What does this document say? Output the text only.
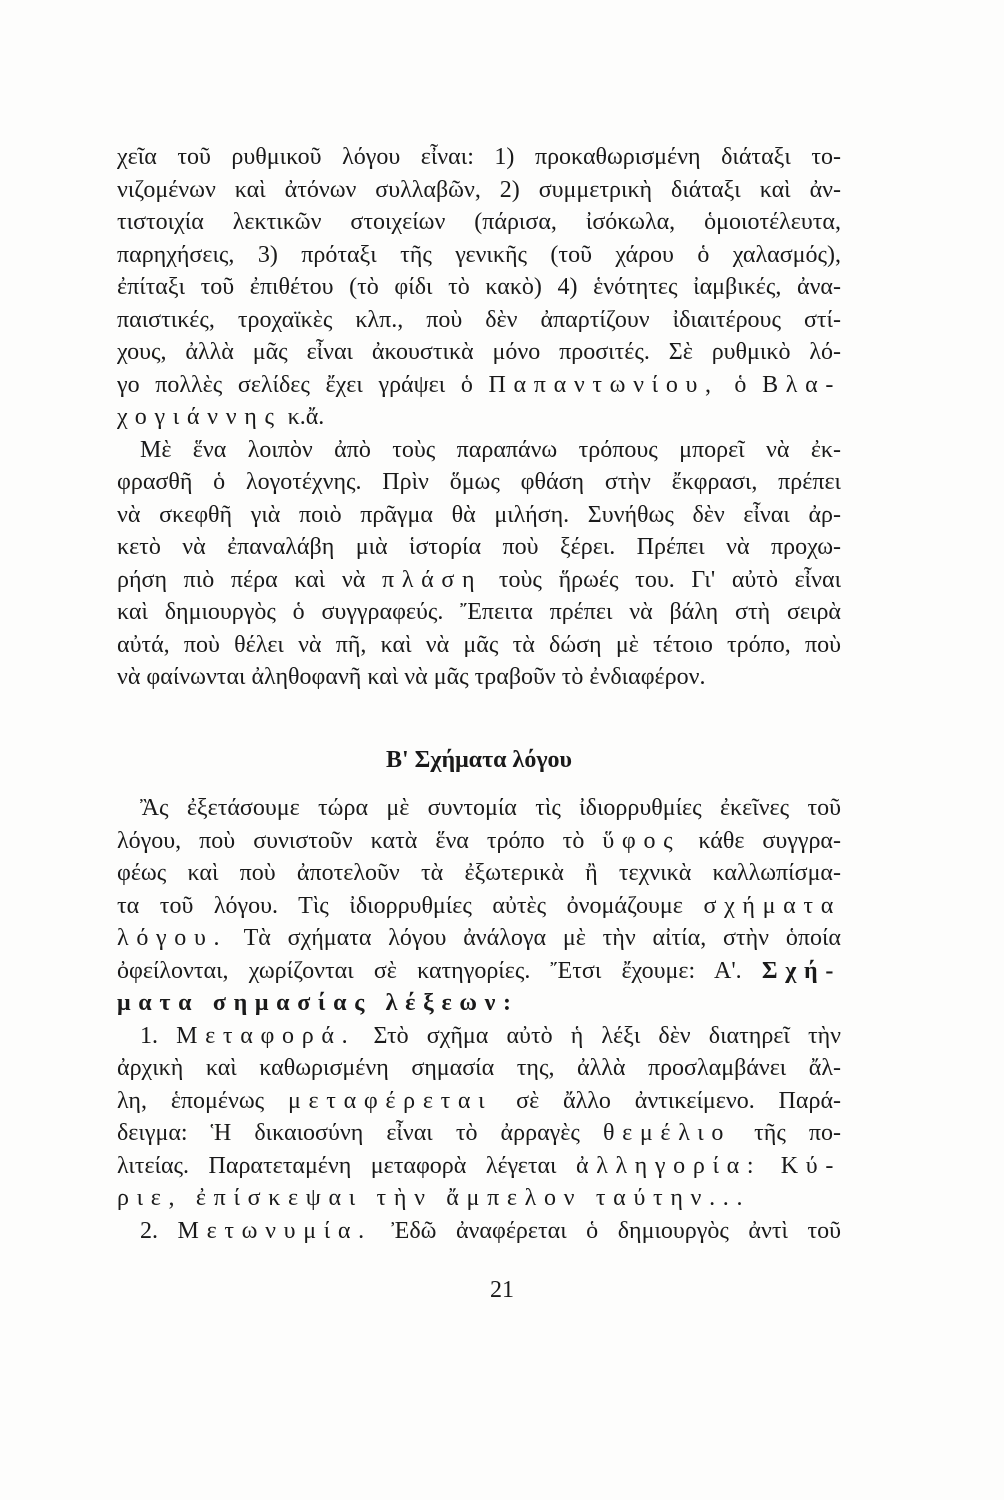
χεῖα τοῦ ρυθμικοῦ λόγου εἶναι: 1) προκαθωρισμένη διάταξι το-
νιζομένων καὶ ἀτόνων συλλαβῶν, 2) συμμετρικὴ διάταξι καὶ ἀν-
τιστοιχία λεκτικῶν στοιχείων (πάρισα, ἰσόκωλα, ὁμοιοτέλευτα,
παρηχήσεις, 3) πρόταξι τῆς γενικῆς (τοῦ χάρου ὁ χαλασμός),
ἐπίταξι τοῦ ἐπιθέτου (τὸ φίδι τὸ κακὸ) 4) ἑνότητες ἰαμβικές, ἀνα-
παιστικές, τροχαϊκὲς κλπ., ποὺ δὲν ἀπαρτίζουν ἰδιαιτέρους στί-
χους, ἀλλὰ μᾶς εἶναι ἀκουστικὰ μόνο προσιτές. Σὲ ρυθμικὸ λό-
γο πολλὲς σελίδες ἔχει γράψει ὁ Παπαντωνίου, ὁ Βλα-
χογιάννης κ.ἄ.
Μὲ ἕνα λοιπὸν ἀπὸ τοὺς παραπάνω τρόπους μπορεῖ νὰ ἐκ-
φρασθῆ ὁ λογοτέχνης. Πρὶν ὅμως φθάση στὴν ἔκφρασι, πρέπει
νὰ σκεφθῆ γιὰ ποιὸ πρᾶγμα θὰ μιλήση. Συνήθως δὲν εἶναι ἀρ-
κετὸ νὰ ἐπαναλάβη μιὰ ἱστορία ποὺ ξέρει. Πρέπει νὰ προχω-
ρήση πιὸ πέρα καὶ νὰ πλάση τοὺς ἥρωές του. Γι' αὐτὸ εἶναι
καὶ δημιουργὸς ὁ συγγραφεύς. Ἔπειτα πρέπει νὰ βάλη στὴ σειρὰ
αὐτά, ποὺ θέλει νὰ πῆ, καὶ νὰ μᾶς τὰ δώση μὲ τέτοιο τρόπο, ποὺ
νὰ φαίνωνται ἀληθοφανῆ καὶ νὰ μᾶς τραβοῦν τὸ ἐνδιαφέρον.
Β' Σχήματα λόγου
Ἂς ἐξετάσουμε τώρα μὲ συντομία τὶς ἰδιορρυθμίες ἐκεῖνες τοῦ
λόγου, ποὺ συνιστοῦν κατὰ ἕνα τρόπο τὸ ὕφος κάθε συγγρα-
φέως καὶ ποὺ ἀποτελοῦν τὰ ἐξωτερικὰ ἢ τεχνικὰ καλλωπίσμα-
τα τοῦ λόγου. Τὶς ἰδιορρυθμίες αὐτὲς ὀνομάζουμε σχήματα
λόγου. Τὰ σχήματα λόγου ἀνάλογα μὲ τὴν αἰτία, στὴν ὁποία
ὀφείλονται, χωρίζονται σὲ κατηγορίες. Ἔτσι ἔχουμε: Α'. Σχή-
ματα σημασίας λέξεων:
1. Μεταφορά. Στὸ σχῆμα αὐτὸ ἡ λέξι δὲν διατηρεῖ τὴν
ἀρχικὴ καὶ καθωρισμένη σημασία της, ἀλλὰ προσλαμβάνει ἄλ-
λη, ἑπομένως μεταφέρεται σὲ ἄλλο ἀντικείμενο. Παρά-
δειγμα: Ἡ δικαιοσύνη εἶναι τὸ ἀρραγὲς θεμέλιο τῆς πο-
λιτείας. Παρατεταμένη μεταφορὰ λέγεται ἀλληγορία: Κύ-
ριε, ἐπίσκεψαι τὴν ἄμπελον ταύτην...
2. Μετωνυμία. Ἐδῶ ἀναφέρεται ὁ δημιουργὸς ἀντὶ τοῦ
21
